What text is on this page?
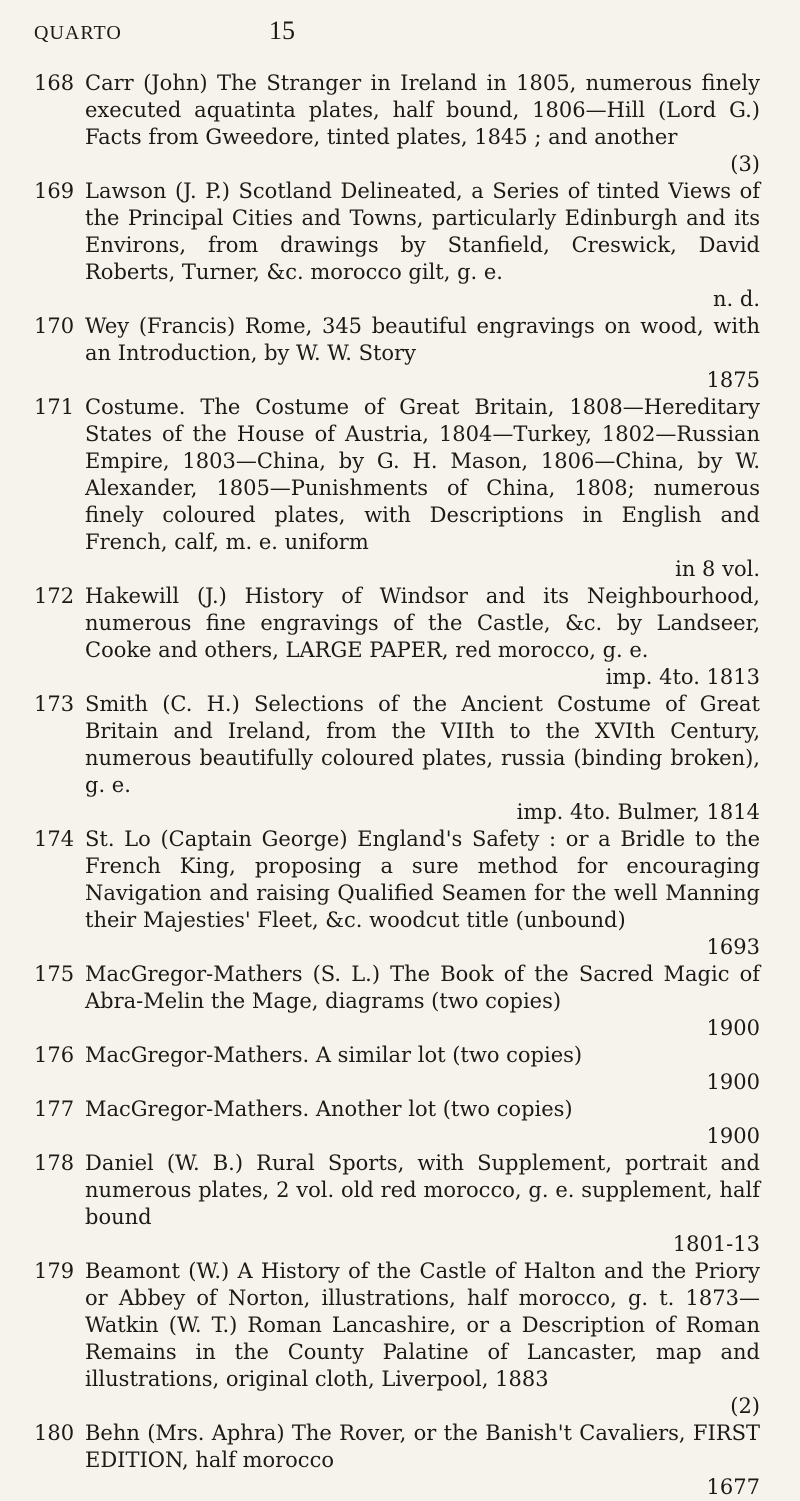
QUARTO	15
168 Carr (John) The Stranger in Ireland in 1805, numerous finely executed aquatinta plates, half bound, 1806—Hill (Lord G.) Facts from Gweedore, tinted plates, 1845 ; and another
(3)
169 Lawson (J. P.) Scotland Delineated, a Series of tinted Views of the Principal Cities and Towns, particularly Edinburgh and its Environs, from drawings by Stanfield, Creswick, David Roberts, Turner, &c. morocco gilt, g. e.
n. d.
170 Wey (Francis) Rome, 345 beautiful engravings on wood, with an Introduction, by W. W. Story
1875
171 Costume. The Costume of Great Britain, 1808—Hereditary States of the House of Austria, 1804—Turkey, 1802—Russian Empire, 1803—China, by G. H. Mason, 1806—China, by W. Alexander, 1805—Punishments of China, 1808; numerous finely coloured plates, with Descriptions in English and French, calf, m. e. uniform
in 8 vol.
172 Hakewill (J.) History of Windsor and its Neighbourhood, numerous fine engravings of the Castle, &c. by Landseer, Cooke and others, LARGE PAPER, red morocco, g. e.
imp. 4to. 1813
173 Smith (C. H.) Selections of the Ancient Costume of Great Britain and Ireland, from the VIIth to the XVIth Century, numerous beautifully coloured plates, russia (binding broken), g. e.
imp. 4to. Bulmer, 1814
174 St. Lo (Captain George) England's Safety : or a Bridle to the French King, proposing a sure method for encouraging Navigation and raising Qualified Seamen for the well Manning their Majesties' Fleet, &c. woodcut title (unbound)
1693
175 MacGregor-Mathers (S. L.) The Book of the Sacred Magic of Abra-Melin the Mage, diagrams (two copies)
1900
176 MacGregor-Mathers. A similar lot (two copies)
1900
177 MacGregor-Mathers. Another lot (two copies)
1900
178 Daniel (W. B.) Rural Sports, with Supplement, portrait and numerous plates, 2 vol. old red morocco, g. e. supplement, half bound
1801-13
179 Beamont (W.) A History of the Castle of Halton and the Priory or Abbey of Norton, illustrations, half morocco, g. t. 1873—Watkin (W. T.) Roman Lancashire, or a Description of Roman Remains in the County Palatine of Lancaster, map and illustrations, original cloth, Liverpool, 1883
(2)
180 Behn (Mrs. Aphra) The Rover, or the Banish't Cavaliers, FIRST EDITION, half morocco
1677
